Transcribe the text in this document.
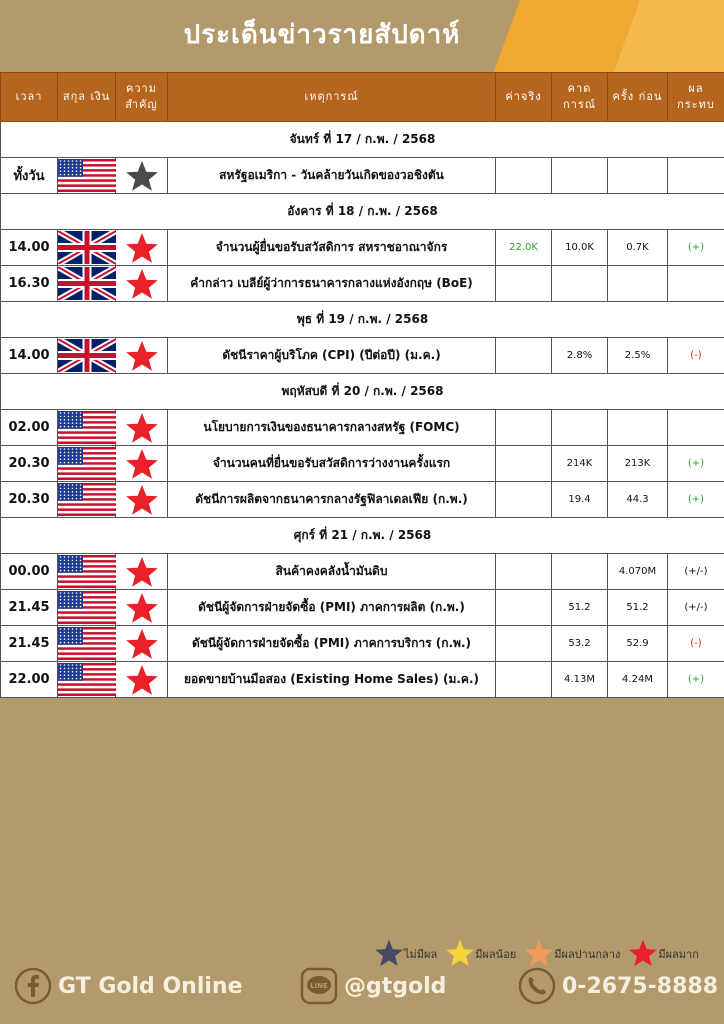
ประเด็นข่าวรายสัปดาห์
เวลา	สกุล เงิน	ความ สำคัญ	เหตุการณ์	ค่าจริง	คาด การณ์	ครั้ง ก่อน	ผล กระทบ
จันทร์ ที่ 17 / ก.พ. / 2568							
ทั้งวัน			สหรัฐอเมริกา - วันคล้ายวันเกิดของวอชิงตัน				
อังคาร ที่ 18 / ก.พ. / 2568							
14.00			จำนวนผู้ยื่นขอรับสวัสดิการ สหราชอาณาจักร	22.0K	10.0K	0.7K	(+)
16.30			คำกล่าว เบลีย์ผู้ว่าการธนาคารกลางแห่งอังกฤษ (BoE)				
พุธ ที่ 19 / ก.พ. / 2568							
14.00			ดัชนีราคาผู้บริโภค (CPI) (ปีต่อปี) (ม.ค.)		2.8%	2.5%	(-)
พฤหัสบดี ที่ 20 / ก.พ. / 2568							
02.00			นโยบายการเงินของธนาคารกลางสหรัฐ (FOMC)				
20.30			จำนวนคนที่ยื่นขอรับสวัสดิการว่างงานครั้งแรก		214K	213K	(+)
20.30			ดัชนีการผลิตจากธนาคารกลางรัฐฟิลาเดลเฟีย (ก.พ.)		19.4	44.3	(+)
ศุกร์ ที่ 21 / ก.พ. / 2568							
00.00			สินค้าคงคลังน้ำมันดิบ			4.070M	(+/-)
21.45			ดัชนีผู้จัดการฝ่ายจัดซื้อ (PMI) ภาคการผลิต (ก.พ.)		51.2	51.2	(+/-)
21.45			ดัชนีผู้จัดการฝ่ายจัดซื้อ (PMI) ภาคการบริการ (ก.พ.)		53.2	52.9	(-)
22.00			ยอดขายบ้านมือสอง (Existing Home Sales) (ม.ค.)		4.13M	4.24M	(+)
ไม่มีผล	มีผลน้อย	มีผลปานกลาง	มีผลมาก
GT Gold Online	LINE @gtgold	0-2675-8888
